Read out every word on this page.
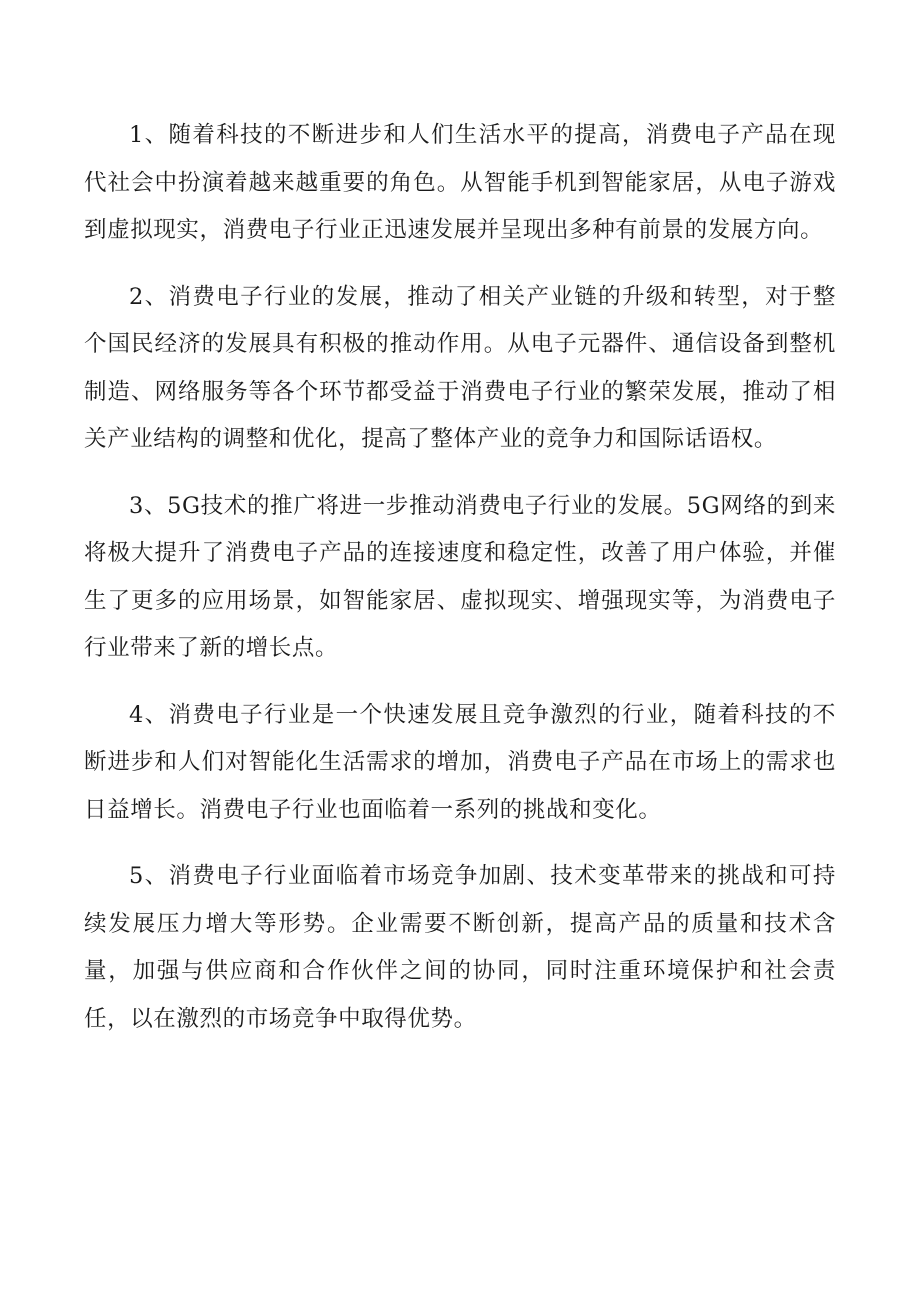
1、随着科技的不断进步和人们生活水平的提高，消费电子产品在现代社会中扮演着越来越重要的角色。从智能手机到智能家居，从电子游戏到虚拟现实，消费电子行业正迅速发展并呈现出多种有前景的发展方向。

2、消费电子行业的发展，推动了相关产业链的升级和转型，对于整个国民经济的发展具有积极的推动作用。从电子元器件、通信设备到整机制造、网络服务等各个环节都受益于消费电子行业的繁荣发展，推动了相关产业结构的调整和优化，提高了整体产业的竞争力和国际话语权。

3、5G技术的推广将进一步推动消费电子行业的发展。5G网络的到来将极大提升了消费电子产品的连接速度和稳定性，改善了用户体验，并催生了更多的应用场景，如智能家居、虚拟现实、增强现实等，为消费电子行业带来了新的增长点。

4、消费电子行业是一个快速发展且竞争激烈的行业，随着科技的不断进步和人们对智能化生活需求的增加，消费电子产品在市场上的需求也日益增长。消费电子行业也面临着一系列的挑战和变化。

5、消费电子行业面临着市场竞争加剧、技术变革带来的挑战和可持续发展压力增大等形势。企业需要不断创新，提高产品的质量和技术含量，加强与供应商和合作伙伴之间的协同，同时注重环境保护和社会责任，以在激烈的市场竞争中取得优势。
